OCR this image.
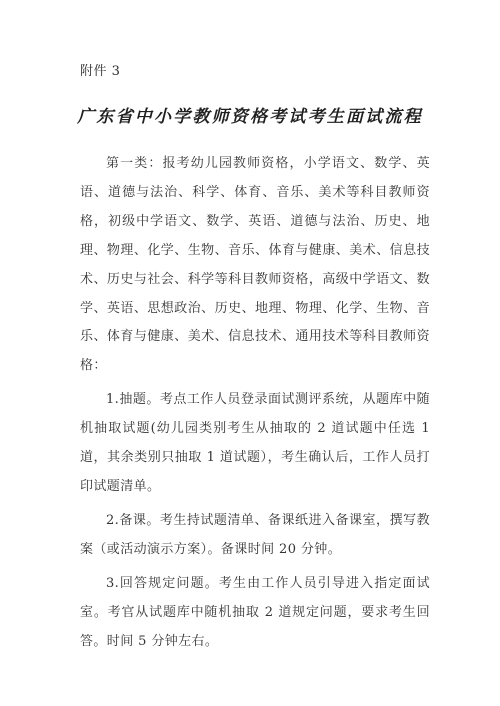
附件 3
广东省中小学教师资格考试考生面试流程

第一类：报考幼儿园教师资格，小学语文、数学、英语、道德与法治、科学、体育、音乐、美术等科目教师资格，初级中学语文、数学、英语、道德与法治、历史、地理、物理、化学、生物、音乐、体育与健康、美术、信息技术、历史与社会、科学等科目教师资格，高级中学语文、数学、英语、思想政治、历史、地理、物理、化学、生物、音乐、体育与健康、美术、信息技术、通用技术等科目教师资格：

1.抽题。考点工作人员登录面试测评系统，从题库中随机抽取试题(幼儿园类别考生从抽取的 2 道试题中任选 1 道，其余类别只抽取 1 道试题），考生确认后，工作人员打印试题清单。

2.备课。考生持试题清单、备课纸进入备课室，撰写教案（或活动演示方案）。备课时间 20 分钟。

3.回答规定问题。考生由工作人员引导进入指定面试室。考官从试题库中随机抽取 2 道规定问题，要求考生回答。时间 5 分钟左右。
